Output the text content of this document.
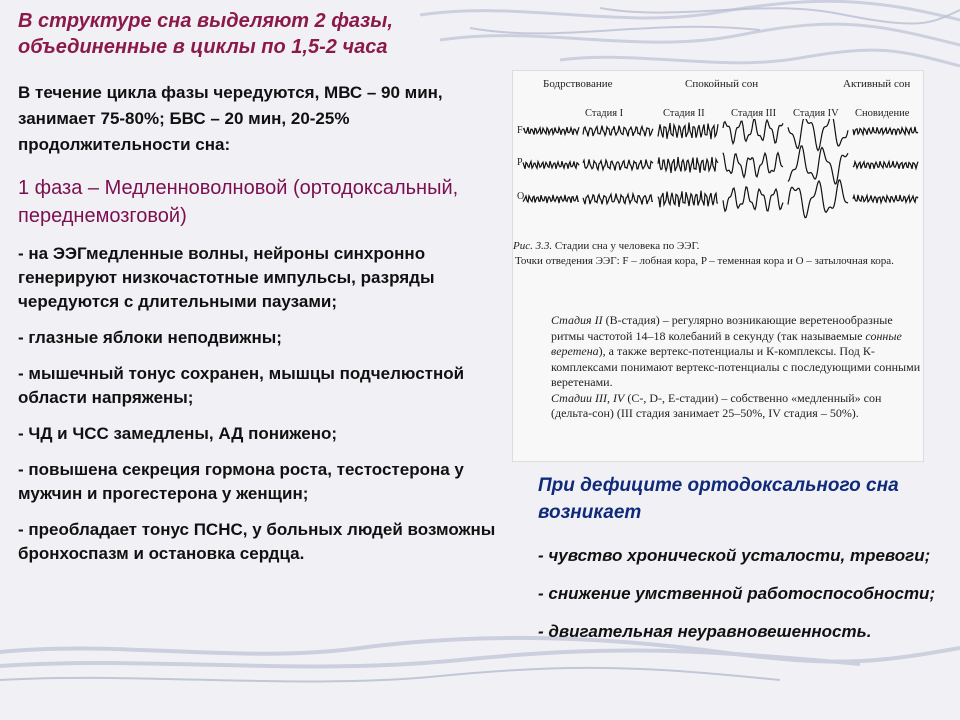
В структуре сна выделяют 2 фазы, объединенные в циклы по 1,5-2 часа
В течение цикла фазы чередуются, МВС – 90 мин, занимает 75-80%; БВС – 20 мин, 20-25% продолжительности сна:
1 фаза – Медленноволновой (ортодоксальный, переднемозговой)
- на ЭЭГмедленные волны, нейроны синхронно генерируют низкочастотные импульсы, разряды чередуются с длительными паузами;
- глазные яблоки неподвижны;
- мышечный тонус сохранен, мышцы подчелюстной области напряжены;
- ЧД и ЧСС замедлены, АД понижено;
- повышена секреция гормона роста, тестостерона у мужчин и прогестерона у женщин;
- преобладает тонус ПСНС, у больных людей возможны бронхоспазм и остановка сердца.
Бодрствование	Спокойный сон	Активный сон
Стадия I	Стадия II	Стадия III Стадия IV Сновидение
F
P
O
Рис. 3.3. Стадии сна у человека по ЭЭГ.
Точки отведения ЭЭГ: F – лобная кора, P – теменная кора и O – затылочная кора.
Стадия II (В-стадия) – регулярно возникающие веретенообразные ритмы частотой 14–18 колебаний в секунду (так называемые сонные веретена), а также вертекс-потенциалы и К-комплексы. Под К-комплексами понимают вертекс-потенциалы с последующими сонными веретенами.
Стадии III, IV (C-, D-, E-стадии) – собственно «медленный» сон (дельта-сон) (III стадия занимает 25–50%, IV стадия – 50%).
При дефиците ортодоксального сна возникает
- чувство хронической усталости, тревоги;
- снижение умственной работоспособности;
- двигательная неуравновешенность.
